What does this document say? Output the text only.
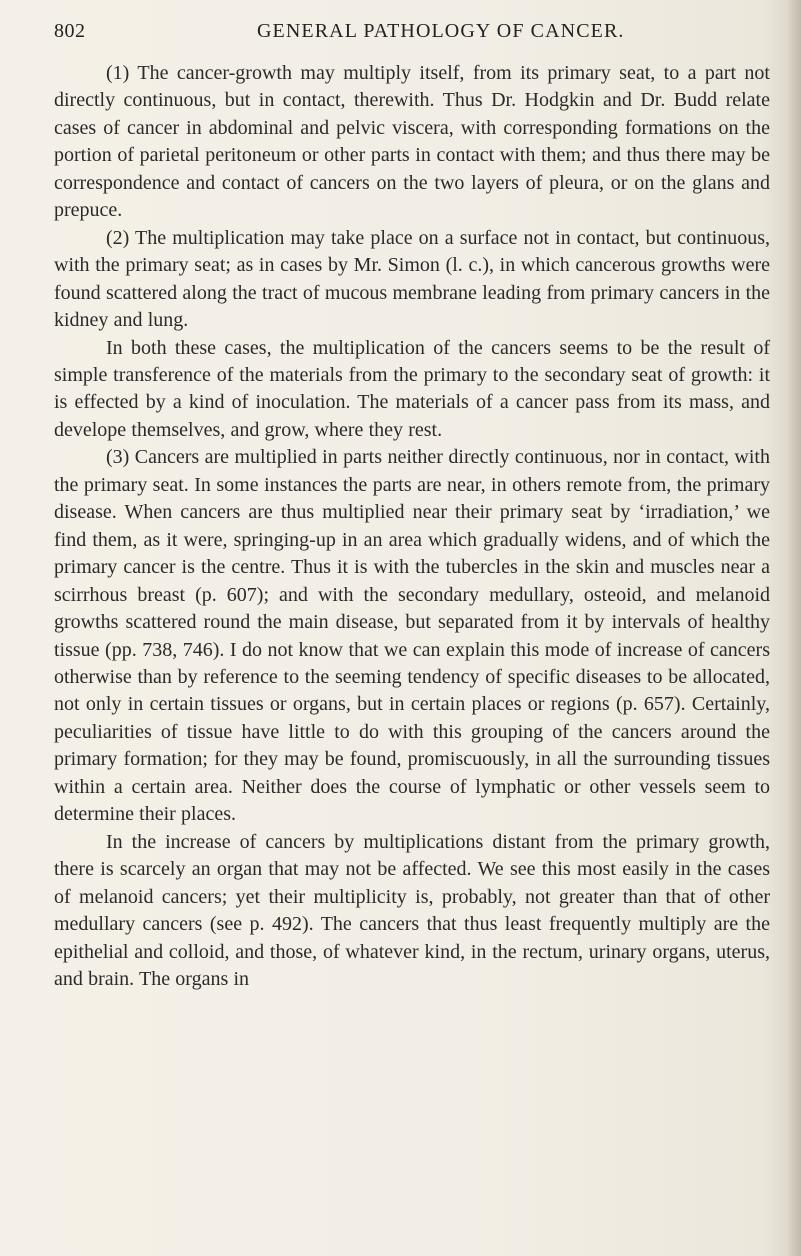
802	GENERAL PATHOLOGY OF CANCER.

(1) The cancer-growth may multiply itself, from its primary seat, to a part not directly continuous, but in contact, therewith. Thus Dr. Hodgkin and Dr. Budd relate cases of cancer in abdominal and pelvic viscera, with corresponding formations on the portion of parietal peritoneum or other parts in contact with them; and thus there may be correspondence and contact of cancers on the two layers of pleura, or on the glans and prepuce.

(2) The multiplication may take place on a surface not in contact, but continuous, with the primary seat; as in cases by Mr. Simon (l. c.), in which cancerous growths were found scattered along the tract of mucous membrane leading from primary cancers in the kidney and lung.

In both these cases, the multiplication of the cancers seems to be the result of simple transference of the materials from the primary to the secondary seat of growth: it is effected by a kind of inoculation. The materials of a cancer pass from its mass, and develope themselves, and grow, where they rest.

(3) Cancers are multiplied in parts neither directly continuous, nor in contact, with the primary seat. In some instances the parts are near, in others remote from, the primary disease. When cancers are thus multiplied near their primary seat by ‘irradiation,’ we find them, as it were, springing-up in an area which gradually widens, and of which the primary cancer is the centre. Thus it is with the tubercles in the skin and muscles near a scirrhous breast (p. 607); and with the secondary medullary, osteoid, and melanoid growths scattered round the main disease, but separated from it by intervals of healthy tissue (pp. 738, 746). I do not know that we can explain this mode of increase of cancers otherwise than by reference to the seeming tendency of specific diseases to be allocated, not only in certain tissues or organs, but in certain places or regions (p. 657). Certainly, peculiarities of tissue have little to do with this grouping of the cancers around the primary formation; for they may be found, promiscuously, in all the surrounding tissues within a certain area. Neither does the course of lymphatic or other vessels seem to determine their places.

In the increase of cancers by multiplications distant from the primary growth, there is scarcely an organ that may not be affected. We see this most easily in the cases of melanoid cancers; yet their multiplicity is, probably, not greater than that of other medullary cancers (see p. 492). The cancers that thus least frequently multiply are the epithelial and colloid, and those, of whatever kind, in the rectum, urinary organs, uterus, and brain. The organs in
